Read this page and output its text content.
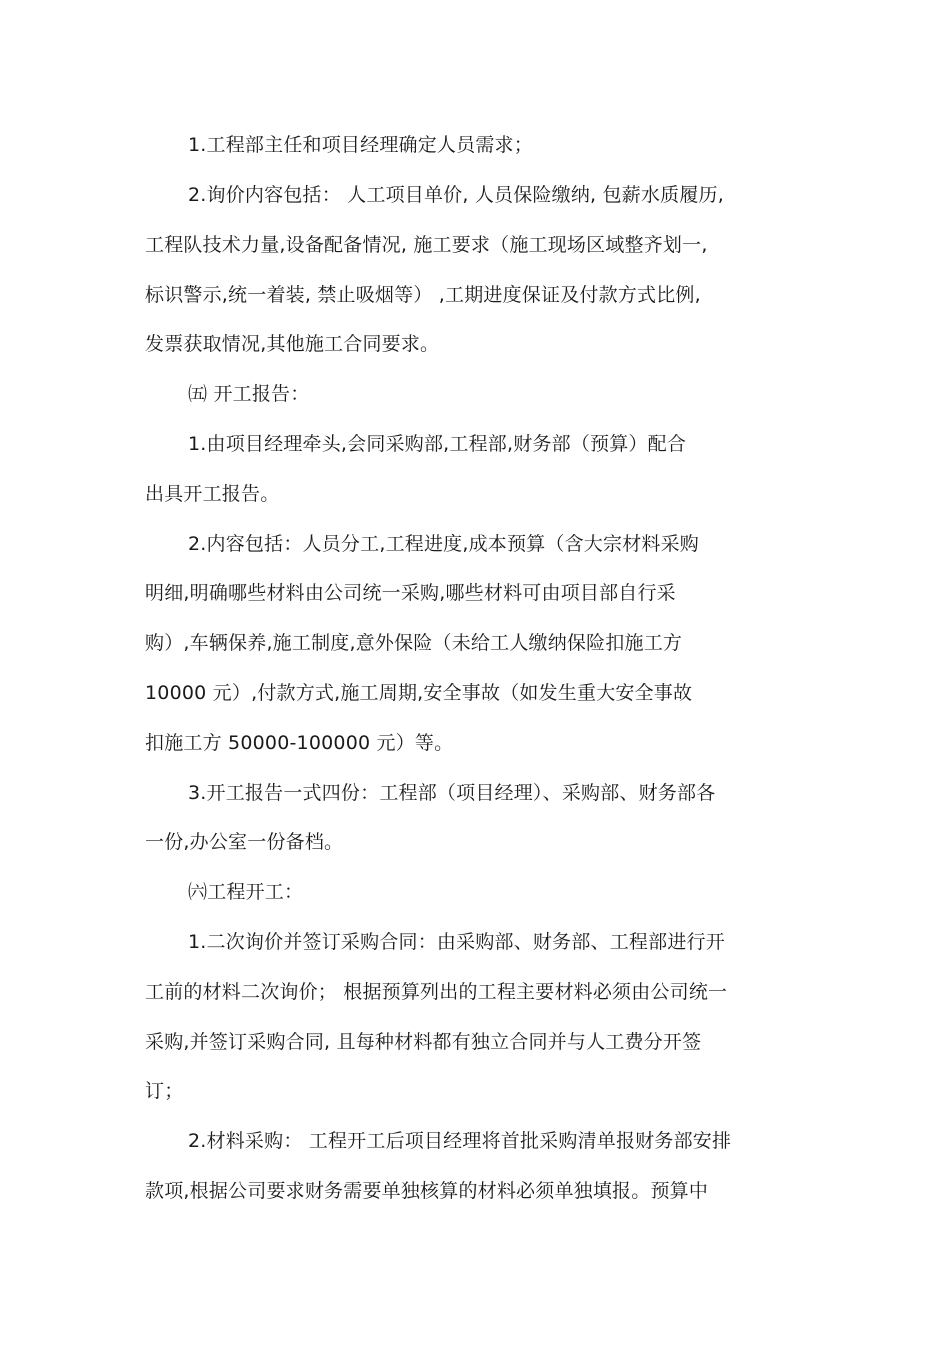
1.工程部主任和项目经理确定人员需求；
2.询价内容包括： 人工项目单价, 人员保险缴纳, 包薪水质履历,
工程队技术力量,设备配备情况, 施工要求（施工现场区域整齐划一,
标识警示,统一着装, 禁止吸烟等） ,工期进度保证及付款方式比例,
发票获取情况,其他施工合同要求。
㈤ 开工报告：
1.由项目经理牵头,会同采购部,工程部,财务部（预算）配合
出具开工报告。
2.内容包括：人员分工,工程进度,成本预算（含大宗材料采购
明细,明确哪些材料由公司统一采购,哪些材料可由项目部自行采
购）,车辆保养,施工制度,意外保险（未给工人缴纳保险扣施工方
10000 元）,付款方式,施工周期,安全事故（如发生重大安全事故
扣施工方 50000-100000 元）等。
3.开工报告一式四份：工程部（项目经理）、采购部、财务部各
一份,办公室一份备档。
㈥工程开工：
1.二次询价并签订采购合同：由采购部、财务部、工程部进行开
工前的材料二次询价； 根据预算列出的工程主要材料必须由公司统一
采购,并签订采购合同, 且每种材料都有独立合同并与人工费分开签
订；
2.材料采购： 工程开工后项目经理将首批采购清单报财务部安排
款项,根据公司要求财务需要单独核算的材料必须单独填报。预算中
